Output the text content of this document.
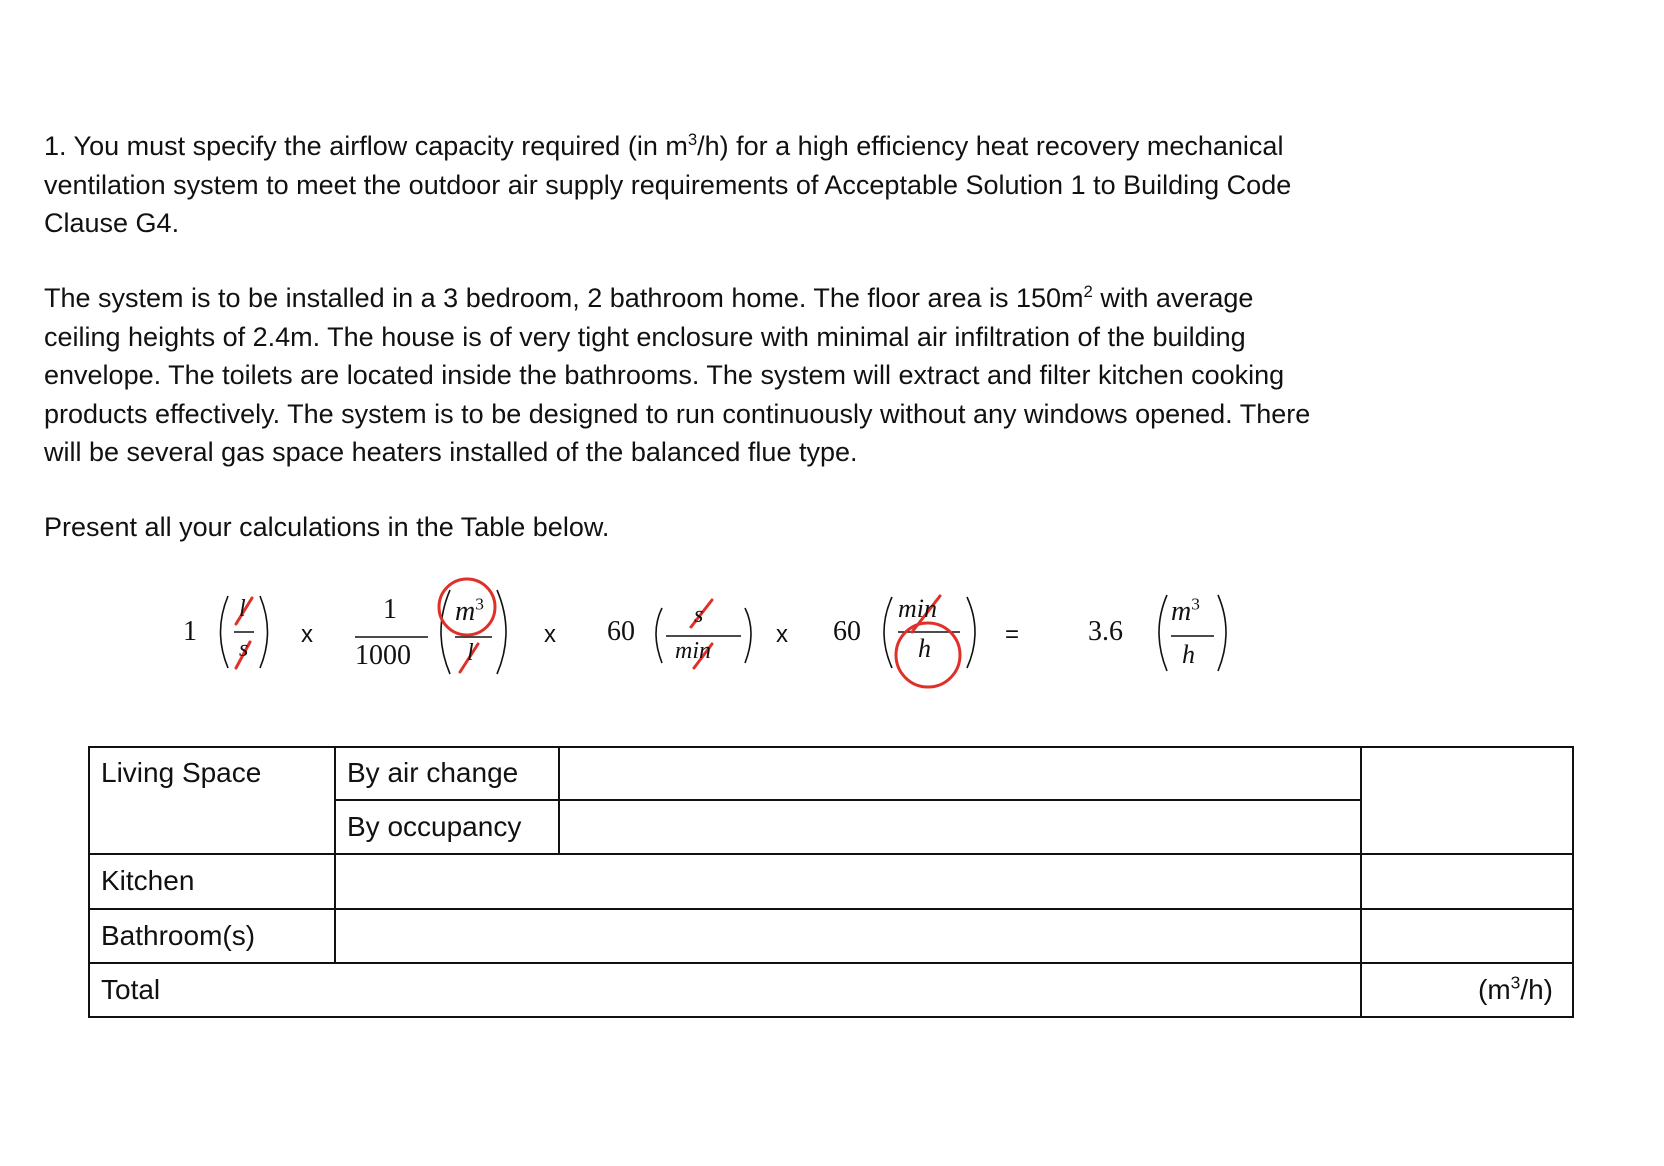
1. You must specify the airflow capacity required (in $m^3/h$) for a high efficiency heat recovery mechanical
ventilation system to meet the outdoor air supply requirements of Acceptable Solution 1 to Building Code
Clause G4.

The system is to be installed in a 3 bedroom, 2 bathroom home. The floor area is $150m^2$ with average
ceiling heights of 2.4m. The house is of very tight enclosure with minimal air infiltration of the building
envelope. The toilets are located inside the bathrooms. The system will extract and filter kitchen cooking
products effectively. The system is to be designed to run continuously without any windows opened. There
will be several gas space heaters installed of the balanced flue type.

Present all your calculations in the Table below.

1
l
s
x
1
1000
$m^3$
l
x 60
s
min
x 60
min
h	= 3.6
$m^3$
h
Living Space	By air change
By occupancy
Kitchen
Bathroom(s)
Total	$(m^3/h)$
